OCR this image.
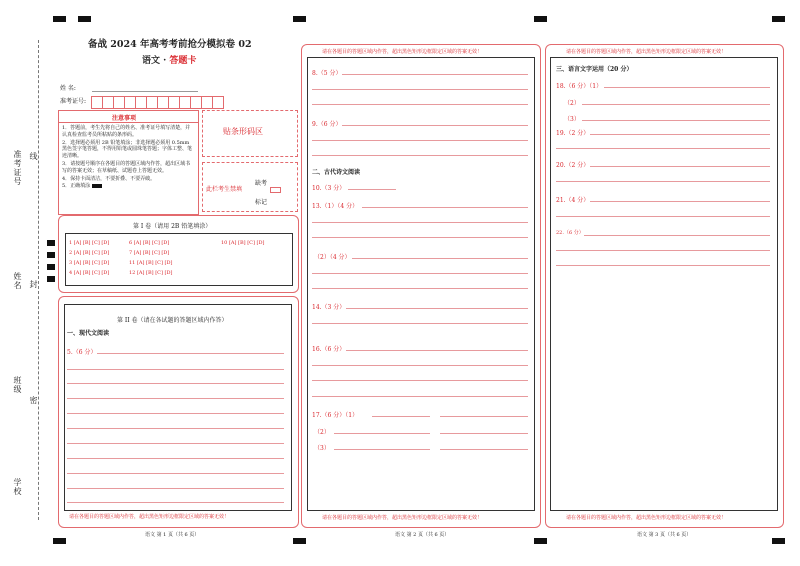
准考证号 线
姓名 封
班级
密
学校
备战 2024 年高考考前抢分模拟卷 02
语文 · 答题卡
姓 名:
准考证号:
注意事项
1．答题前，考生先将自己的姓名、准考证号填写清楚，并认真检查监考员所粘贴的条形码。
2．选择题必须用 2B 铅笔填涂；非选择题必须用 0.5mm 黑色签字笔答题，不得用铅笔或圆珠笔答题；字体工整、笔迹清晰。
3．请按题号顺序在各题目的答题区域内作答，超出区域书写的答案无效；在草稿纸、试题卷上答题无效。
4．保持卡面清洁，不要折叠、不要弄破。
5．正确填涂
贴条形码区
此栏考生禁填
缺考
标记
第 I 卷（请用 2B 铅笔填涂）
1 [A] [B] [C] [D]	6 [A] [B] [C] [D]	10 [A] [B] [C] [D]
2 [A] [B] [C] [D]	7 [A] [B] [C] [D]
3 [A] [B] [C] [D]	11 [A] [B] [C] [D]
4 [A] [B] [C] [D]	12 [A] [B] [C] [D]
第 II 卷（请在各试题的答题区域内作答）
一、现代文阅读
5.（6 分）
请在各题目的答题区域内作答，超出黑色矩形边框限定区域的答案无效！
语文 第 1 页（共 6 页）
请在各题目的答题区域内作答，超出黑色矩形边框限定区域的答案无效！
8.（5 分）
9.（6 分）
二、古代诗文阅读
10.（3 分）
13.（1）（4 分）
（2）（4 分）
14.（3 分）
16.（6 分）
17.（6 分）（1）
（2）
（3）
请在各题目的答题区域内作答，超出黑色矩形边框限定区域的答案无效！
语文 第 2 页（共 6 页）
请在各题目的答题区域内作答，超出黑色矩形边框限定区域的答案无效！
三、语言文字运用（20 分）
18.（6 分）（1）
（2）
（3）
19.（2 分）
20.（2 分）
21.（4 分）
22.（6 分）
请在各题目的答题区域内作答，超出黑色矩形边框限定区域的答案无效！
语文 第 3 页（共 6 页）
